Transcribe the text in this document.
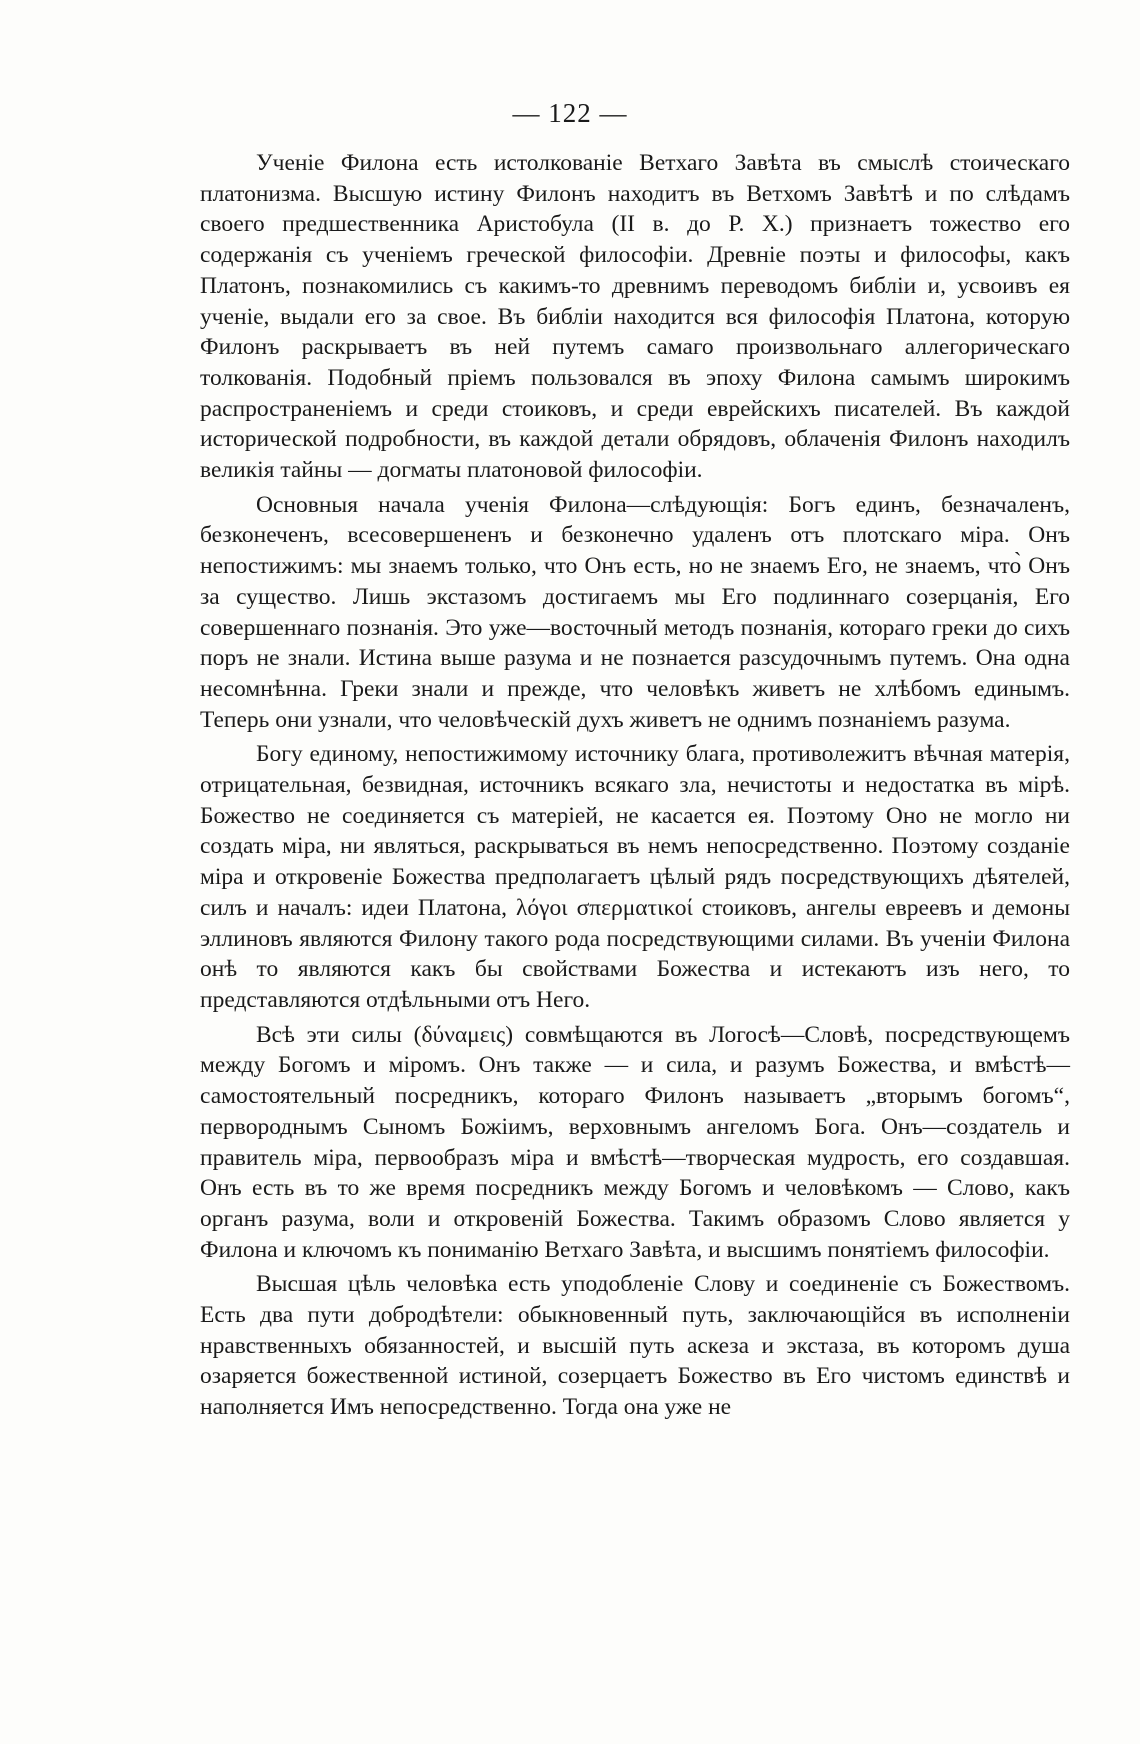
— 122 —

Ученіе Филона есть истолкованіе Ветхаго Завѣта въ смыслѣ стоическаго платонизма. Высшую истину Филонъ находитъ въ Ветхомъ Завѣтѣ и по слѣдамъ своего предшественника Аристобула (II в. до Р. Х.) признаетъ тожество его содержанія съ ученіемъ греческой философіи. Древніе поэты и философы, какъ Платонъ, познакомились съ какимъ-то древнимъ переводомъ библіи и, усвоивъ ея ученіе, выдали его за свое. Въ библіи находится вся философія Платона, которую Филонъ раскрываетъ въ ней путемъ самаго произвольнаго аллегорическаго толкованія. Подобный пріемъ пользовался въ эпоху Филона самымъ широкимъ распространеніемъ и среди стоиковъ, и среди еврейскихъ писателей. Въ каждой исторической подробности, въ каждой детали обрядовъ, облаченія Филонъ находилъ великія тайны — догматы платоновой философіи.

Основныя начала ученія Филона—слѣдующія: Богъ единъ, безначаленъ, безконеченъ, всесовершененъ и безконечно удаленъ отъ плотскаго міра. Онъ непостижимъ: мы знаемъ только, что Онъ есть, но не знаемъ Его, не знаемъ, что̀ Онъ за существо. Лишь экстазомъ достигаемъ мы Его подлиннаго созерцанія, Его совершеннаго познанія. Это уже—восточный методъ познанія, котораго греки до сихъ поръ не знали. Истина выше разума и не познается разсудочнымъ путемъ. Она одна несомнѣнна. Греки знали и прежде, что человѣкъ живетъ не хлѣбомъ единымъ. Теперь они узнали, что человѣческій духъ живетъ не однимъ познаніемъ разума.

Богу единому, непостижимому источнику блага, противолежитъ вѣчная матерія, отрицательная, безвидная, источникъ всякаго зла, нечистоты и недостатка въ мірѣ. Божество не соединяется съ матеріей, не касается ея. Поэтому Оно не могло ни создать міра, ни являться, раскрываться въ немъ непосредственно. Поэтому созданіе міра и откровеніе Божества предполагаетъ цѣлый рядъ посредствующихъ дѣятелей, силъ и началъ: идеи Платона, λόγοι σπερματικοί стоиковъ, ангелы евреевъ и демоны эллиновъ являются Филону такого рода посредствующими силами. Въ ученіи Филона онѣ то являются какъ бы свойствами Божества и истекаютъ изъ него, то представляются отдѣльными отъ Него.

Всѣ эти силы (δύναμεις) совмѣщаются въ Логосѣ—Словѣ, посредствующемъ между Богомъ и міромъ. Онъ также — и сила, и разумъ Божества, и вмѣстѣ—самостоятельный посредникъ, котораго Филонъ называетъ „вторымъ богомъ“, первороднымъ Сыномъ Божіимъ, верховнымъ ангеломъ Бога. Онъ—создатель и правитель міра, первообразъ міра и вмѣстѣ—творческая мудрость, его создавшая. Онъ есть въ то же время посредникъ между Богомъ и человѣкомъ — Слово, какъ органъ разума, воли и откровеній Божества. Такимъ образомъ Слово является у Филона и ключомъ къ пониманію Ветхаго Завѣта, и высшимъ понятіемъ философіи.

Высшая цѣль человѣка есть уподобленіе Слову и соединеніе съ Божествомъ. Есть два пути добродѣтели: обыкновенный путь, заключающійся въ исполненіи нравственныхъ обязанностей, и высшій путь аскеза и экстаза, въ которомъ душа озаряется божественной истиной, созерцаетъ Божество въ Его чистомъ единствѣ и наполняется Имъ непосредственно. Тогда она уже не
